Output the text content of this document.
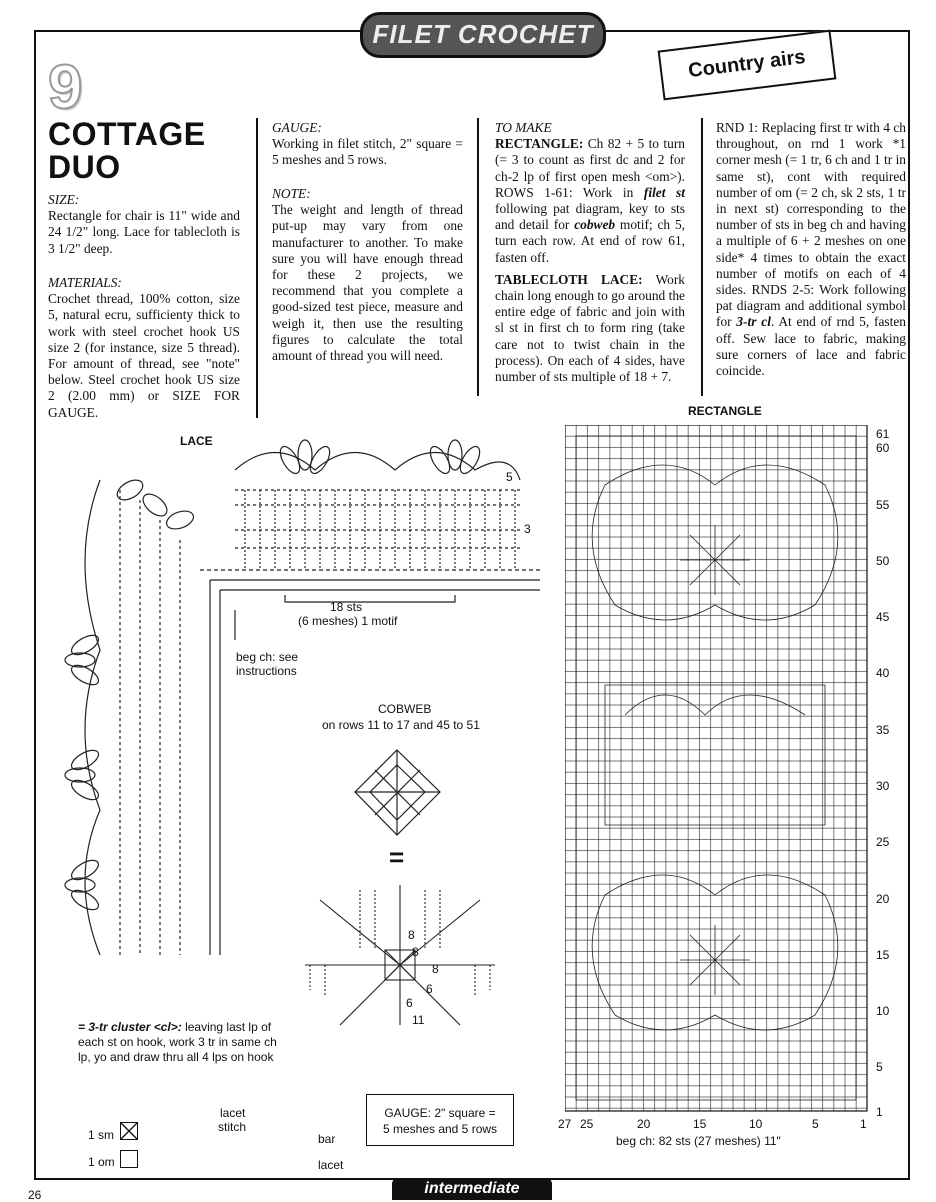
FILET CROCHET
Country airs
9
COTTAGE
DUO
SIZE:
Rectangle for chair is 11" wide and 24 1/2" long. Lace for tablecloth is 3 1/2" deep.
MATERIALS:
Crochet thread, 100% cotton, size 5, natural ecru, sufficienty thick to work with steel crochet hook US size 2 (for instance, size 5 thread). For amount of thread, see "note" below. Steel crochet hook US size 2 (2.00 mm) or SIZE FOR GAUGE.
GAUGE:
Working in filet stitch, 2" square = 5 meshes and 5 rows.
NOTE:
The weight and length of thread put-up may vary from one manufacturer to another. To make sure you will have enough thread for these 2 projects, we recommend that you complete a good-sized test piece, measure and weigh it, then use the resulting figures to calculate the total amount of thread you will need.
TO MAKE
RECTANGLE: Ch 82 + 5 to turn (= 3 to count as first dc and 2 for ch-2 lp of first open mesh <om>). ROWS 1-61: Work in filet st following pat diagram, key to sts and detail for cobweb motif; ch 5, turn each row. At end of row 61, fasten off.
TABLECLOTH LACE: Work chain long enough to go around the entire edge of fabric and join with sl st in first ch to form ring (take care not to twist chain in the process). On each of 4 sides, have number of sts multiple of 18 + 7.
RND 1: Replacing first tr with 4 ch throughout, on rnd 1 work *1 corner mesh (= 1 tr, 6 ch and 1 tr in same st), cont with required number of om (= 2 ch, sk 2 sts, 1 tr in next st) corresponding to the number of sts in beg ch and having a multiple of 6 + 2 meshes on one side* 4 times to obtain the exact number of motifs on each of 4 sides. RNDS 2-5: Work following pat diagram and additional symbol for 3-tr cl. At end of rnd 5, fasten off. Sew lace to fabric, making sure corners of lace and fabric coincide.
LACE
RECTANGLE
5
3
18 sts
(6 meshes) 1 motif
beg ch: see
instructions
COBWEB
on rows 11 to 17 and 45 to 51
=
8
8
8
6
6
11
61
60
55
50
45
40
35
30
25
20
15
10
5
1
27 25	20	15	10	5	1
beg ch: 82 sts (27 meshes) 11"
= 3-tr cluster <cl>: leaving last lp of each st on hook, work 3 tr in same ch lp, yo and draw thru all 4 lps on hook
1 sm
1 om
lacet
stitch
bar
lacet
GAUGE: 2" square =
5 meshes and 5 rows
intermediate
26
